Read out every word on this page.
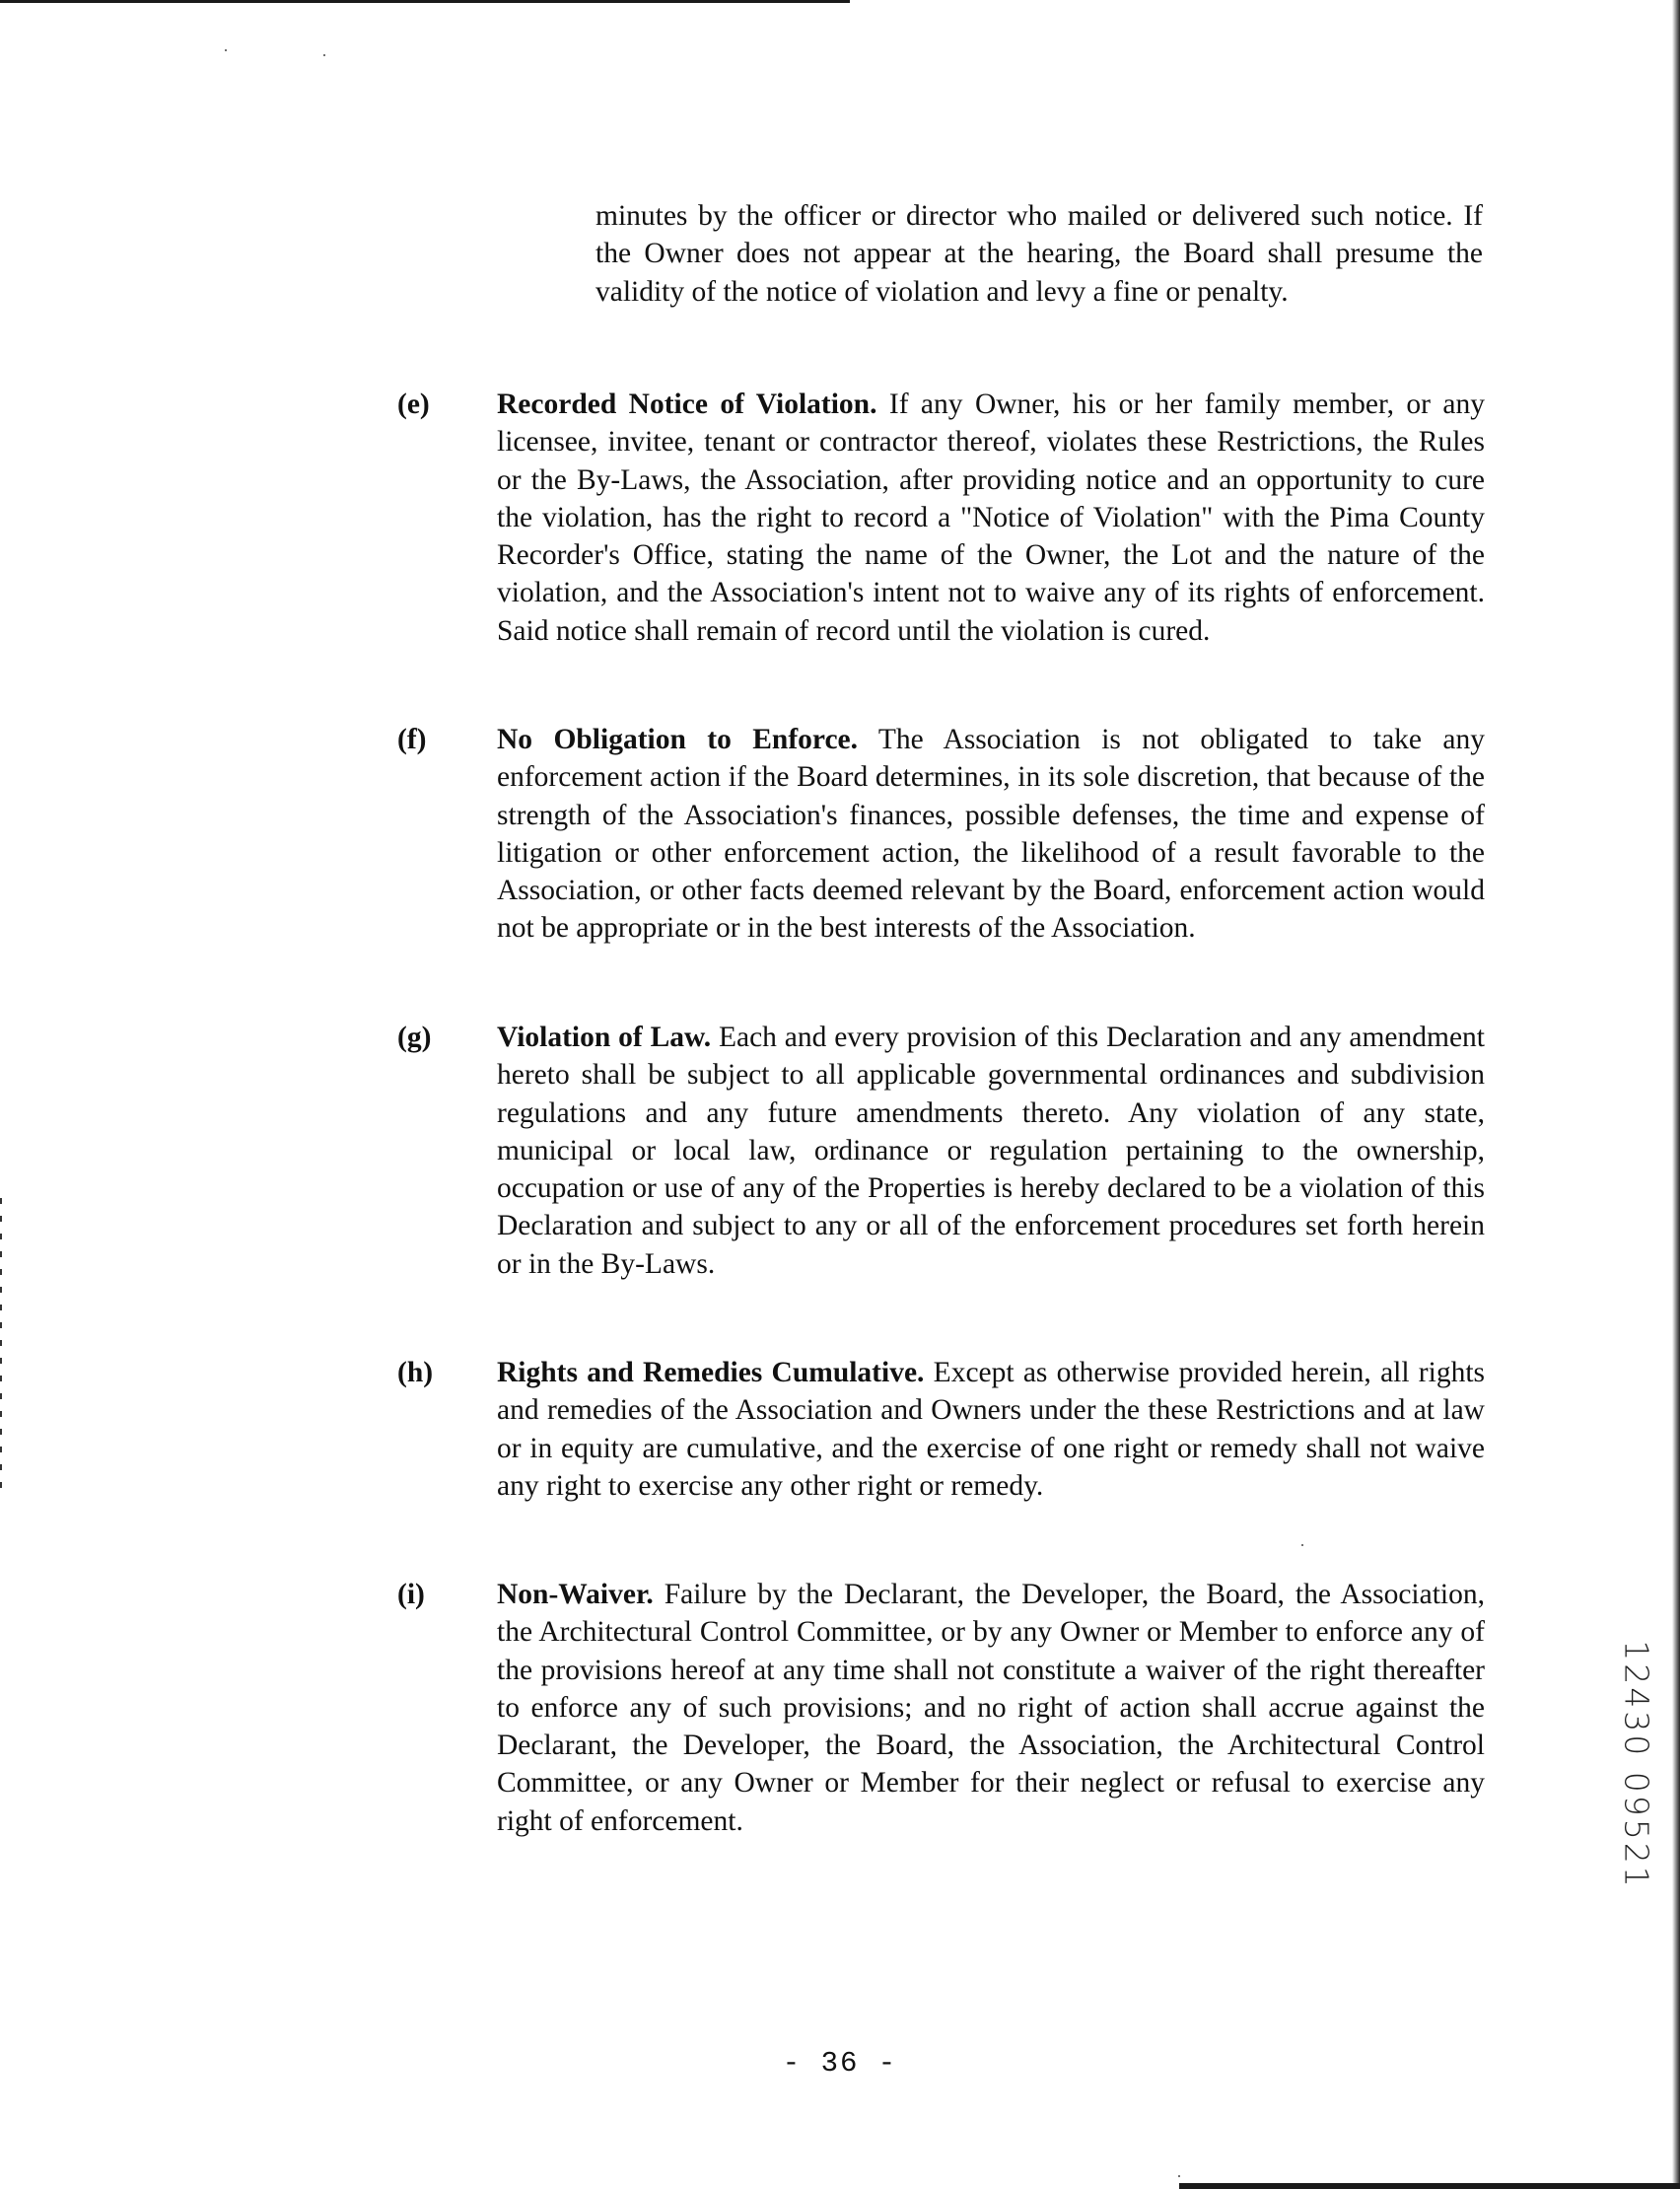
minutes by the officer or director who mailed or delivered such notice. If the Owner does not appear at the hearing, the Board shall presume the validity of the notice of violation and levy a fine or penalty.
(e) Recorded Notice of Violation. If any Owner, his or her family member, or any licensee, invitee, tenant or contractor thereof, violates these Restrictions, the Rules or the By-Laws, the Association, after providing notice and an opportunity to cure the violation, has the right to record a "Notice of Violation" with the Pima County Recorder's Office, stating the name of the Owner, the Lot and the nature of the violation, and the Association's intent not to waive any of its rights of enforcement. Said notice shall remain of record until the violation is cured.
(f) No Obligation to Enforce. The Association is not obligated to take any enforcement action if the Board determines, in its sole discretion, that because of the strength of the Association's finances, possible defenses, the time and expense of litigation or other enforcement action, the likelihood of a result favorable to the Association, or other facts deemed relevant by the Board, enforcement action would not be appropriate or in the best interests of the Association.
(g) Violation of Law. Each and every provision of this Declaration and any amendment hereto shall be subject to all applicable governmental ordinances and subdivision regulations and any future amendments thereto. Any violation of any state, municipal or local law, ordinance or regulation pertaining to the ownership, occupation or use of any of the Properties is hereby declared to be a violation of this Declaration and subject to any or all of the enforcement procedures set forth herein or in the By-Laws.
(h) Rights and Remedies Cumulative. Except as otherwise provided herein, all rights and remedies of the Association and Owners under the these Restrictions and at law or in equity are cumulative, and the exercise of one right or remedy shall not waive any right to exercise any other right or remedy.
(i) Non-Waiver. Failure by the Declarant, the Developer, the Board, the Association, the Architectural Control Committee, or by any Owner or Member to enforce any of the provisions hereof at any time shall not constitute a waiver of the right thereafter to enforce any of such provisions; and no right of action shall accrue against the Declarant, the Developer, the Board, the Association, the Architectural Control Committee, or any Owner or Member for their neglect or refusal to exercise any right of enforcement.
- 36 -
12430 09521
